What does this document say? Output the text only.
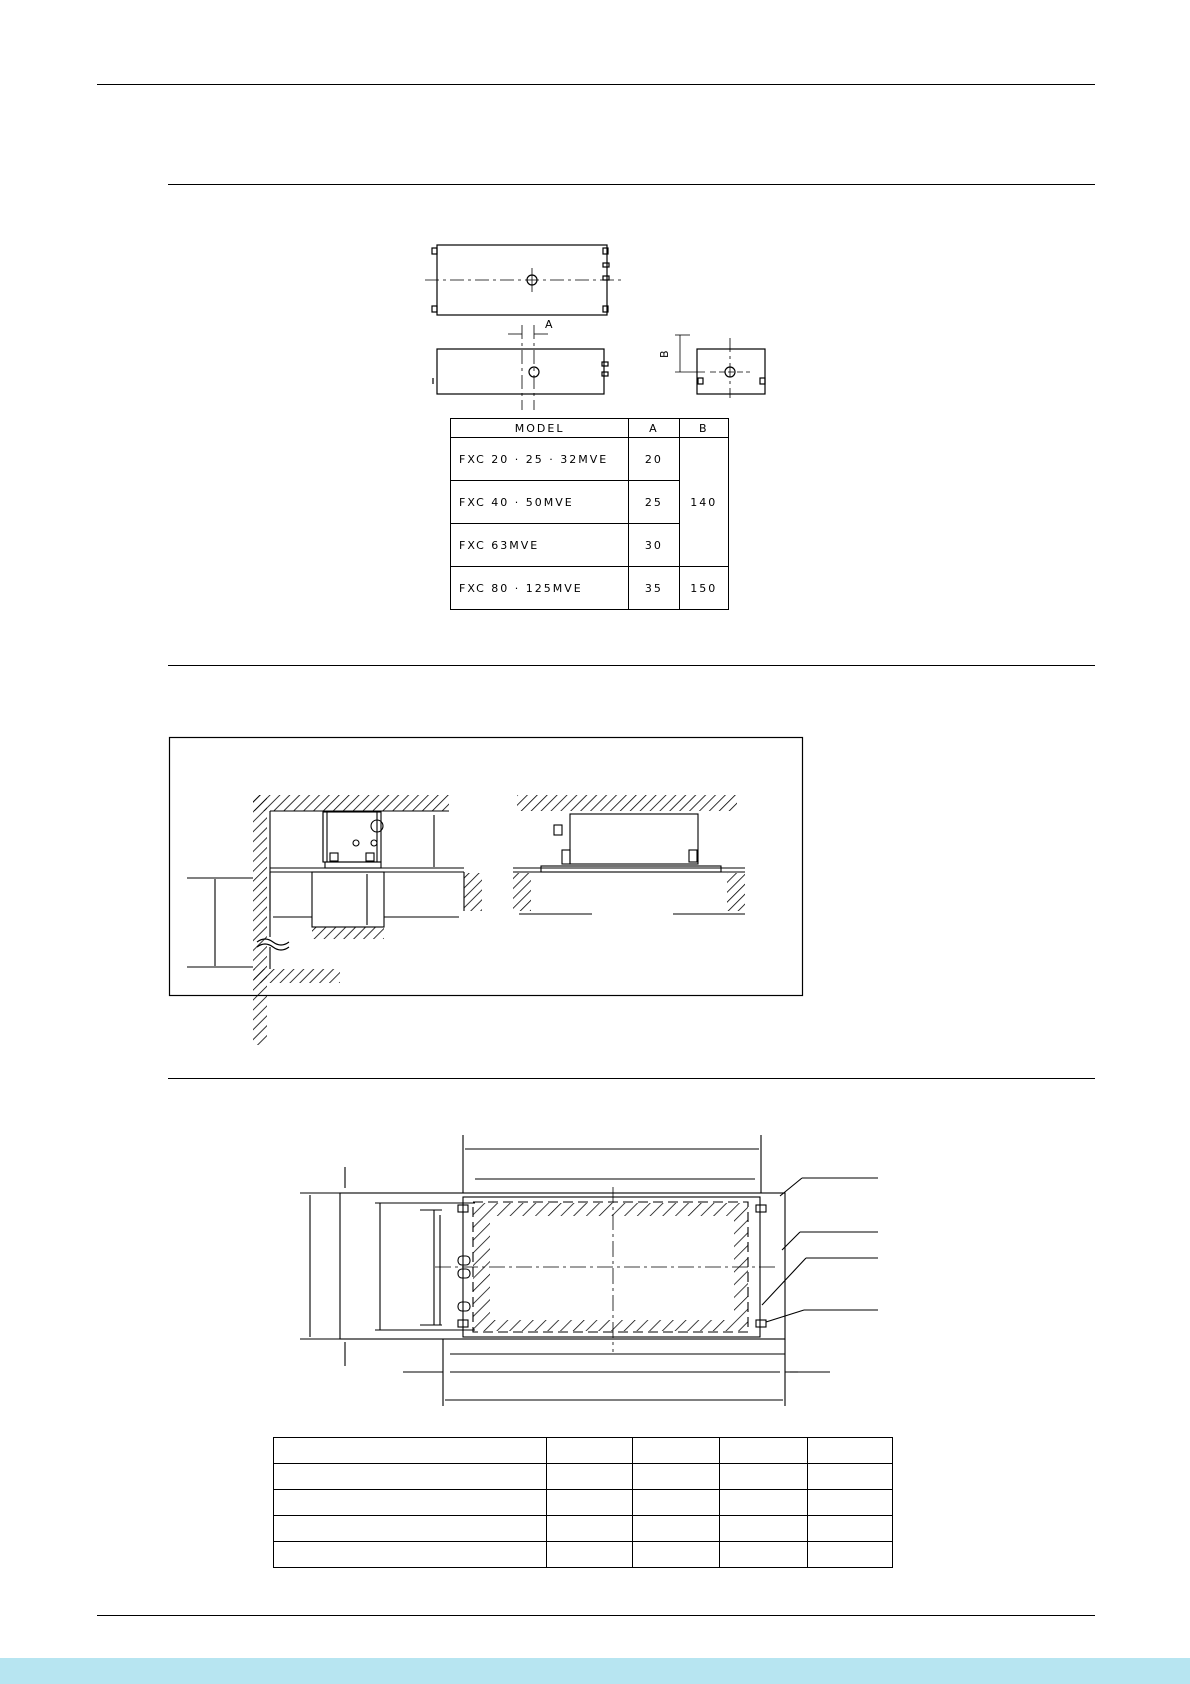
A
B
MODEL	A	B
FXC 20 · 25 · 32MVE	20	140
FXC 40 · 50MVE	25	
FXC 63MVE	30	
FXC 80 · 125MVE	35	150
